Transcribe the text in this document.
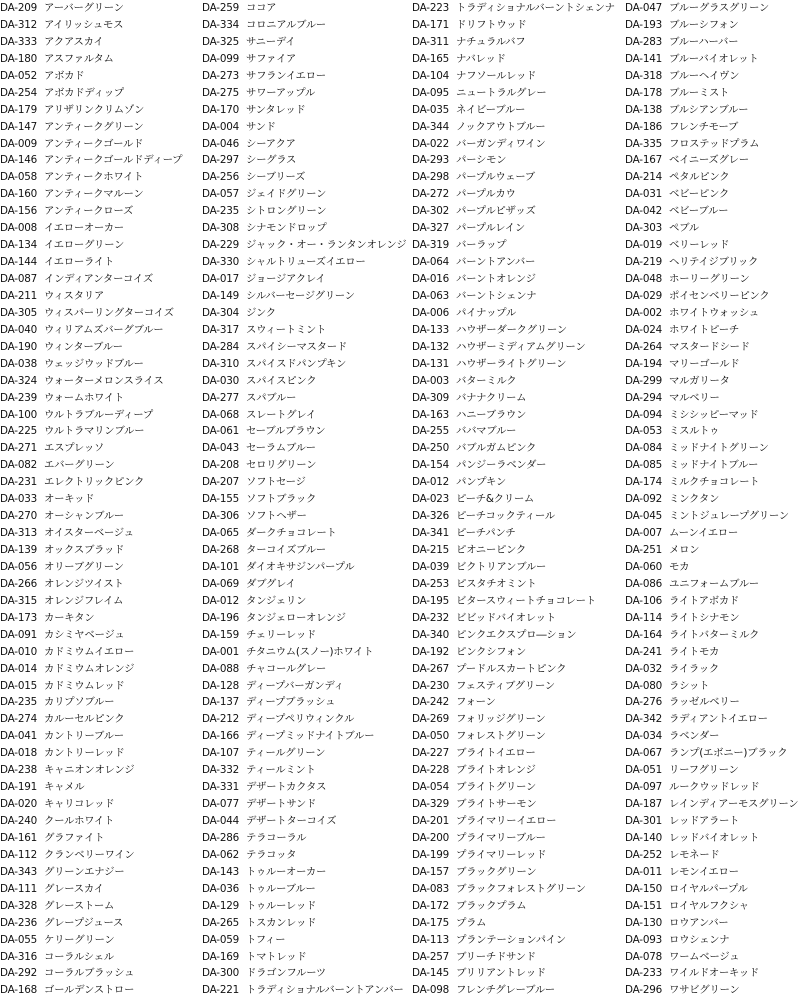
DA-209 アーバーグリーン
DA-312 アイリッシュモス
DA-333 アクアスカイ
DA-180 アスファルタム
DA-052 アボカド
DA-254 アボカドディップ
DA-179 アリザリンクリムゾン
DA-147 アンティークグリーン
DA-009 アンティークゴールド
DA-146 アンティークゴールドディープ
DA-058 アンティークホワイト
DA-160 アンティークマルーン
DA-156 アンティークローズ
DA-008 イエローオーカー
DA-134 イエローグリーン
DA-144 イエローライト
DA-087 インディアンターコイズ
DA-211 ウィスタリア
DA-305 ウィスパーリングターコイズ
DA-040 ウィリアムズバーグブルー
DA-190 ウィンターブルー
DA-038 ウェッジウッドブルー
DA-324 ウォーターメロンスライス
DA-239 ウォームホワイト
DA-100 ウルトラブルーディープ
DA-225 ウルトラマリンブルー
DA-271 エスプレッソ
DA-082 エバーグリーン
DA-231 エレクトリックピンク
DA-033 オーキッド
DA-270 オーシャンブルー
DA-313 オイスターベージュ
DA-139 オックスブラッド
DA-056 オリーブグリーン
DA-266 オレンジツイスト
DA-315 オレンジフレイム
DA-173 カーキタン
DA-091 カシミヤベージュ
DA-010 カドミウムイエロー
DA-014 カドミウムオレンジ
DA-015 カドミウムレッド
DA-235 カリプソブルー
DA-274 カルーセルピンク
DA-041 カントリーブルー
DA-018 カントリーレッド
DA-238 キャニオンオレンジ
DA-191 キャメル
DA-020 キャリコレッド
DA-240 クールホワイト
DA-161 グラファイト
DA-112 クランベリーワイン
DA-343 グリーンエナジー
DA-111 グレースカイ
DA-328 グレーストーム
DA-236 グレープジュース
DA-055 ケリーグリーン
DA-316 コーラルシェル
DA-292 コーラルブラッシュ
DA-168 ゴールデンストロー
DA-259 ココア
DA-334 コロニアルブルー
DA-325 サニーデイ
DA-099 サファイア
DA-273 サフランイエロー
DA-275 サワーアップル
DA-170 サンタレッド
DA-004 サンド
DA-046 シーアクア
DA-297 シーグラス
DA-256 シーブリーズ
DA-057 ジェイドグリーン
DA-235 シトロングリーン
DA-308 シナモンドロップ
DA-229 ジャック・オー・ランタンオレンジ
DA-330 シャルトリューズイエロー
DA-017 ジョージアクレイ
DA-149 シルバーセージグリーン
DA-304 ジンク
DA-317 スウィートミント
DA-284 スパイシーマスタード
DA-310 スパイスドパンプキン
DA-030 スパイスピンク
DA-277 スパブルー
DA-068 スレートグレイ
DA-061 セーブルブラウン
DA-043 セーラムブルー
DA-208 セロリグリーン
DA-207 ソフトセージ
DA-155 ソフトブラック
DA-306 ソフトヘザー
DA-065 ダークチョコレート
DA-268 ターコイズブルー
DA-101 ダイオキサジンパープル
DA-069 ダブグレイ
DA-012 タンジェリン
DA-196 タンジェローオレンジ
DA-159 チェリーレッド
DA-001 チタニウム(スノー)ホワイト
DA-088 チャコールグレー
DA-128 ディープバーガンディ
DA-137 ディープブラッシュ
DA-212 ディープペリウィンクル
DA-166 ディープミッドナイトブルー
DA-107 ティールグリーン
DA-332 ティールミント
DA-331 デザートカクタス
DA-077 デザートサンド
DA-044 デザートターコイズ
DA-286 テラコーラル
DA-062 テラコッタ
DA-143 トゥルーオーカー
DA-036 トゥルーブルー
DA-129 トゥルーレッド
DA-265 トスカンレッド
DA-059 トフィー
DA-169 トマトレッド
DA-300 ドラゴンフルーツ
DA-221 トラディショナルバーントアンバー
DA-223 トラディショナルバーントシェンナ
DA-171 ドリフトウッド
DA-311 ナチュラルバフ
DA-165 ナバレッド
DA-104 ナフソールレッド
DA-095 ニュートラルグレー
DA-035 ネイビーブルー
DA-344 ノックアウトブルー
DA-022 バーガンディワイン
DA-293 パーシモン
DA-298 パープルウェーブ
DA-272 パープルカウ
DA-302 パープルピザッズ
DA-327 パープルレイン
DA-319 バーラップ
DA-064 バーントアンバー
DA-016 バーントオレンジ
DA-063 バーントシェンナ
DA-006 パイナップル
DA-133 ハウザーダークグリーン
DA-132 ハウザーミディアムグリーン
DA-131 ハウザーライトグリーン
DA-003 バターミルク
DA-309 バナナクリーム
DA-163 ハニーブラウン
DA-255 ババマブルー
DA-250 バブルガムピンク
DA-154 パンジーラベンダー
DA-012 パンプキン
DA-023 ピーチ&クリーム
DA-326 ピーチコックティール
DA-341 ピーチパンチ
DA-215 ピオニーピンク
DA-039 ビクトリアンブルー
DA-253 ピスタチオミント
DA-195 ビタースウィートチョコレート
DA-232 ビビッドバイオレット
DA-340 ピンクエクスプロ―ション
DA-192 ピンクシフォン
DA-267 プードルスカートピンク
DA-230 フェスティブグリーン
DA-242 フォーン
DA-269 フォリッジグリーン
DA-050 フォレストグリーン
DA-227 ブライトイエロー
DA-228 ブライトオレンジ
DA-054 ブライトグリーン
DA-329 ブライトサーモン
DA-201 プライマリーイエロー
DA-200 プライマリーブルー
DA-199 プライマリーレッド
DA-157 ブラックグリーン
DA-083 ブラックフォレストグリーン
DA-172 ブラックプラム
DA-175 プラム
DA-113 プランテーションパイン
DA-257 ブリーチドサンド
DA-145 ブリリアントレッド
DA-098 フレンチグレーブルー
DA-047 ブルーグラスグリーン
DA-193 ブルーシフォン
DA-283 ブルーハーバー
DA-141 ブルーバイオレット
DA-318 ブルーヘイヴン
DA-178 ブルーミスト
DA-138 ブルシアンブルー
DA-186 フレンチモーブ
DA-335 フロステッドプラム
DA-167 ベイニーズグレー
DA-214 ペタルピンク
DA-031 ベビーピンク
DA-042 ベビーブルー
DA-303 ペブル
DA-019 ベリーレッド
DA-219 ヘリテイジブリック
DA-048 ホーリーグリーン
DA-029 ポイセンベリーピンク
DA-002 ホワイトウォッシュ
DA-024 ホワイトピーチ
DA-264 マスタードシード
DA-194 マリーゴールド
DA-299 マルガリータ
DA-294 マルベリー
DA-094 ミシシッピーマッド
DA-053 ミスルトゥ
DA-084 ミッドナイトグリーン
DA-085 ミッドナイトブルー
DA-174 ミルクチョコレート
DA-092 ミンクタン
DA-045 ミントジュレープグリーン
DA-007 ムーンイエロー
DA-251 メロン
DA-060 モカ
DA-086 ユニフォームブルー
DA-106 ライトアボカド
DA-114 ライトシナモン
DA-164 ライトバターミルク
DA-241 ライトモカ
DA-032 ライラック
DA-080 ラシット
DA-276 ラッゼルベリー
DA-342 ラディアントイエロー
DA-034 ラベンダー
DA-067 ランプ(エボニー)ブラック
DA-051 リーフグリーン
DA-097 ルークウッドレッド
DA-187 レインディアーモスグリーン
DA-301 レッドアラート
DA-140 レッドバイオレット
DA-252 レモネード
DA-011 レモンイエロー
DA-150 ロイヤルパープル
DA-151 ロイヤルフクシャ
DA-130 ロウアンバー
DA-093 ロウシェンナ
DA-078 ワームベージュ
DA-233 ワイルドオーキッド
DA-296 ワサビグリーン
